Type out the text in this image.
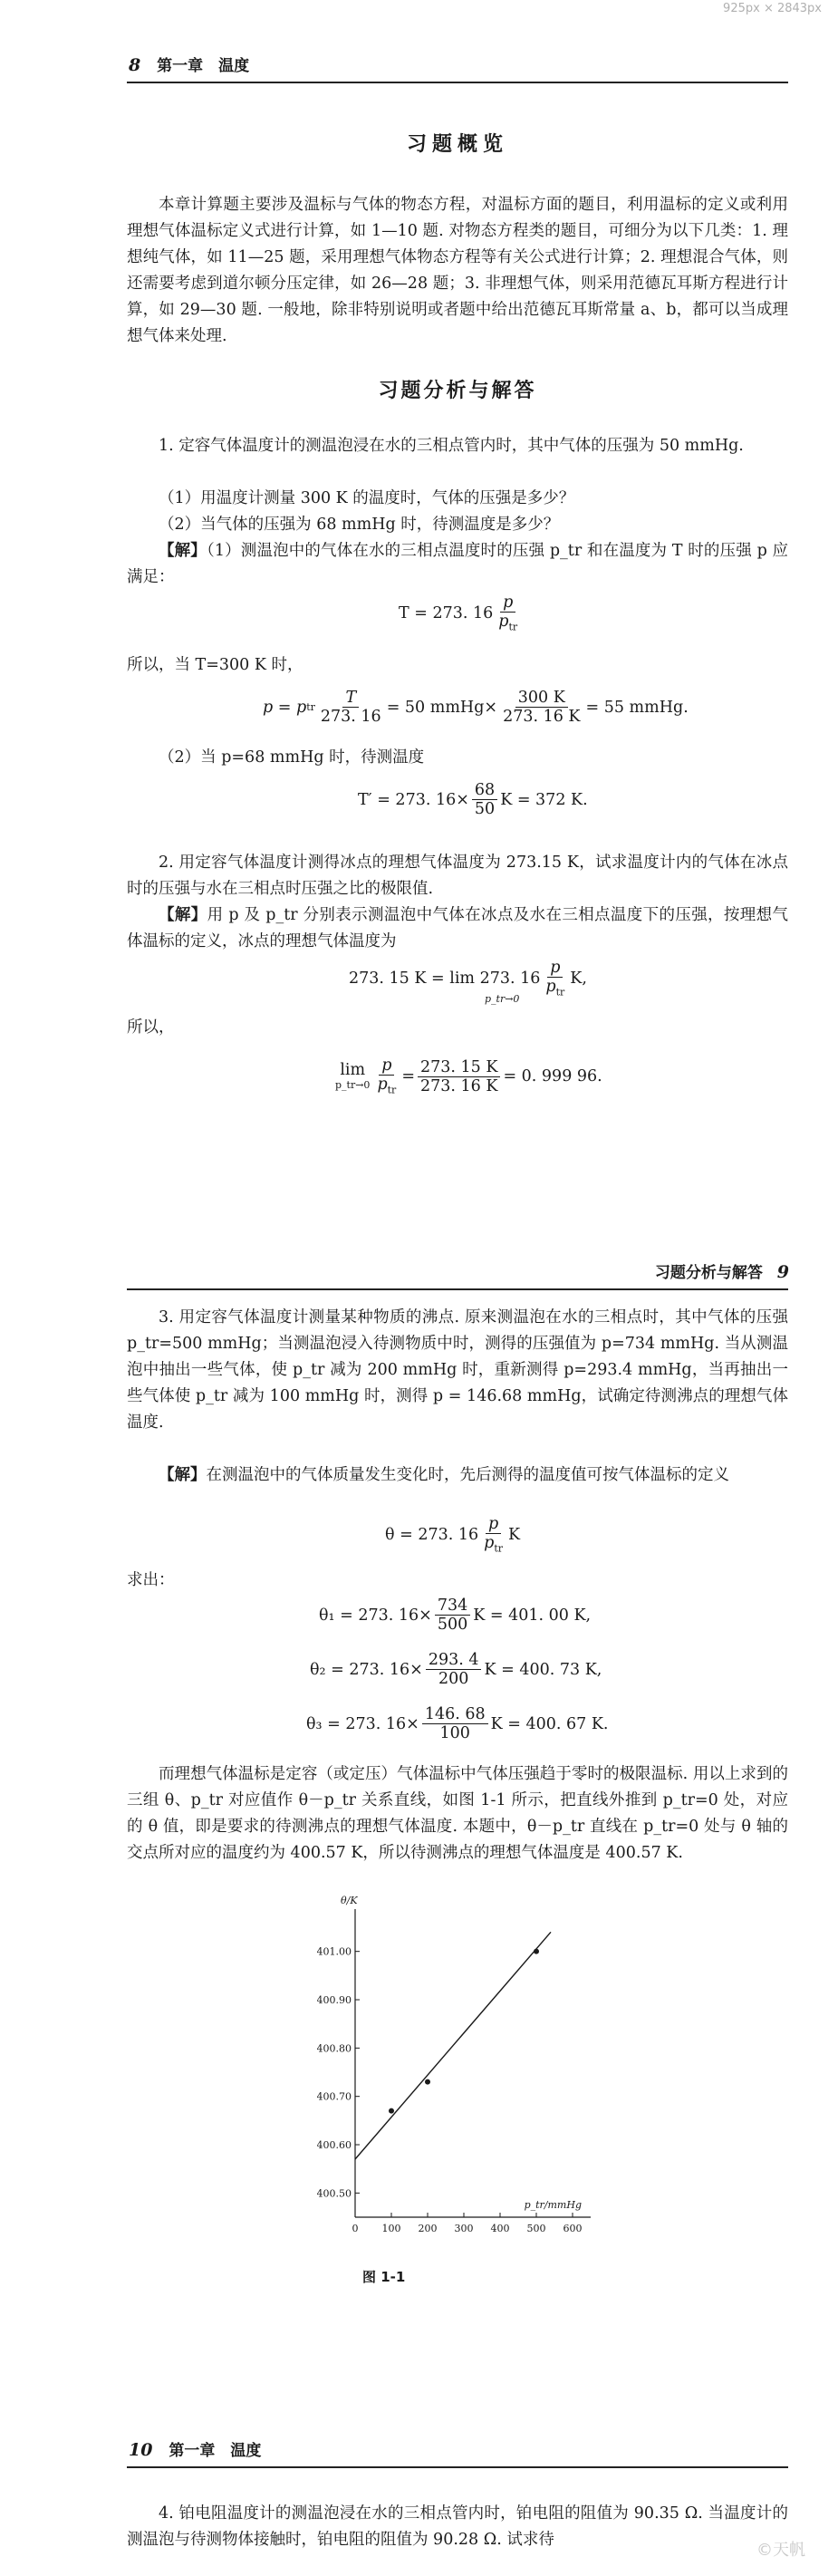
925px × 2843px
8 第一章　温度
习题概览

本章计算题主要涉及温标与气体的物态方程，对温标方面的题目，利用温标的定义或利用理想气体温标定义式进行计算，如 1—10 题. 对物态方程类的题目，可细分为以下几类：1. 理想纯气体，如 11—25 题，采用理想气体物态方程等有关公式进行计算；2. 理想混合气体，则还需要考虑到道尔顿分压定律，如 26—28 题；3. 非理想气体，则采用范德瓦耳斯方程进行计算，如 29—30 题. 一般地，除非特别说明或者题中给出范德瓦耳斯常量 a、b，都可以当成理想气体来处理.

习题分析与解答

1. 定容气体温度计的测温泡浸在水的三相点管内时，其中气体的压强为 50 mmHg.

（1）用温度计测量 300 K 的温度时，气体的压强是多少？

（2）当气体的压强为 68 mmHg 时，待测温度是多少？

【解】（1）测温泡中的气体在水的三相点温度时的压强 p_tr 和在温度为 T 时的压强 p 应满足：

T = 273. $16 \frac{p}{p_{tr}}$

所以，当 T=300 K 时，

p = p tr $\frac{T}{273. 16} = 50$ mmHg× $\frac{300 K}{273. 16 K} = 55$ mmHg.

（2）当 p=68 mmHg 时，待测温度

T′ = 273. $16\times \frac{68}{50}$ K = 372 K.

2. 用定容气体温度计测得冰点的理想气体温度为 273.15 K，试求温度计内的气体在冰点时的压强与水在三相点时压强之比的极限值.

【解】用 p 及 p_tr 分别表示测温泡中气体在冰点及水在三相点温度下的压强，按理想气体温标的定义，冰点的理想气体温度为

273. 15 K = lim 273. $16 \frac{p}{p_{tr}} K$,
p_tr→0

所以，

lim
p_tr→0 $\frac{p}{p_{tr}} = \frac{273. 15 K}{273. 16 K} = 0$. 999 96.
习题分析与解答 9

3. 用定容气体温度计测量某种物质的沸点. 原来测温泡在水的三相点时，其中气体的压强 p_tr=500 mmHg；当测温泡浸入待测物质中时，测得的压强值为 p=734 mmHg. 当从测温泡中抽出一些气体，使 p_tr 减为 200 mmHg 时，重新测得 p=293.4 mmHg，当再抽出一些气体使 p_tr 减为 100 mmHg 时，测得 p = 146.68 mmHg，试确定待测沸点的理想气体温度.

【解】在测温泡中的气体质量发生变化时，先后测得的温度值可按气体温标的定义

θ = 273. $16 \frac{p}{p_{tr}}$ K

求出：

θ₁ = 273. $16\times \frac{734}{500}$ K = 401. 00 K,
θ₂ = 273. $16\times \frac{293. 4}{200}$ K = 400. 73 K,
θ₃ = 273. $16\times \frac{146. 68}{100}$ K = 400. 67 K.

而理想气体温标是定容（或定压）气体温标中气体压强趋于零时的极限温标. 用以上求到的三组 θ、p_tr 对应值作 θ－p_tr 关系直线，如图 1-1 所示，把直线外推到 p_tr=0 处，对应的 θ 值，即是要求的待测沸点的理想气体温度. 本题中，θ－p_tr 直线在 p_tr=0 处与 θ 轴的交点所对应的温度约为 400.57 K，所以待测沸点的理想气体温度是 400.57 K.

400.50
400.60
400.70
400.80
400.90
401.00
0 100 200 300 400 500 600
θ/K
p_tr/mmHg
图 1-1
10 第一章　温度

4. 铂电阻温度计的测温泡浸在水的三相点管内时，铂电阻的阻值为 90.35 Ω. 当温度计的测温泡与待测物体接触时，铂电阻的阻值为 90.28 Ω. 试求待

©天帆
